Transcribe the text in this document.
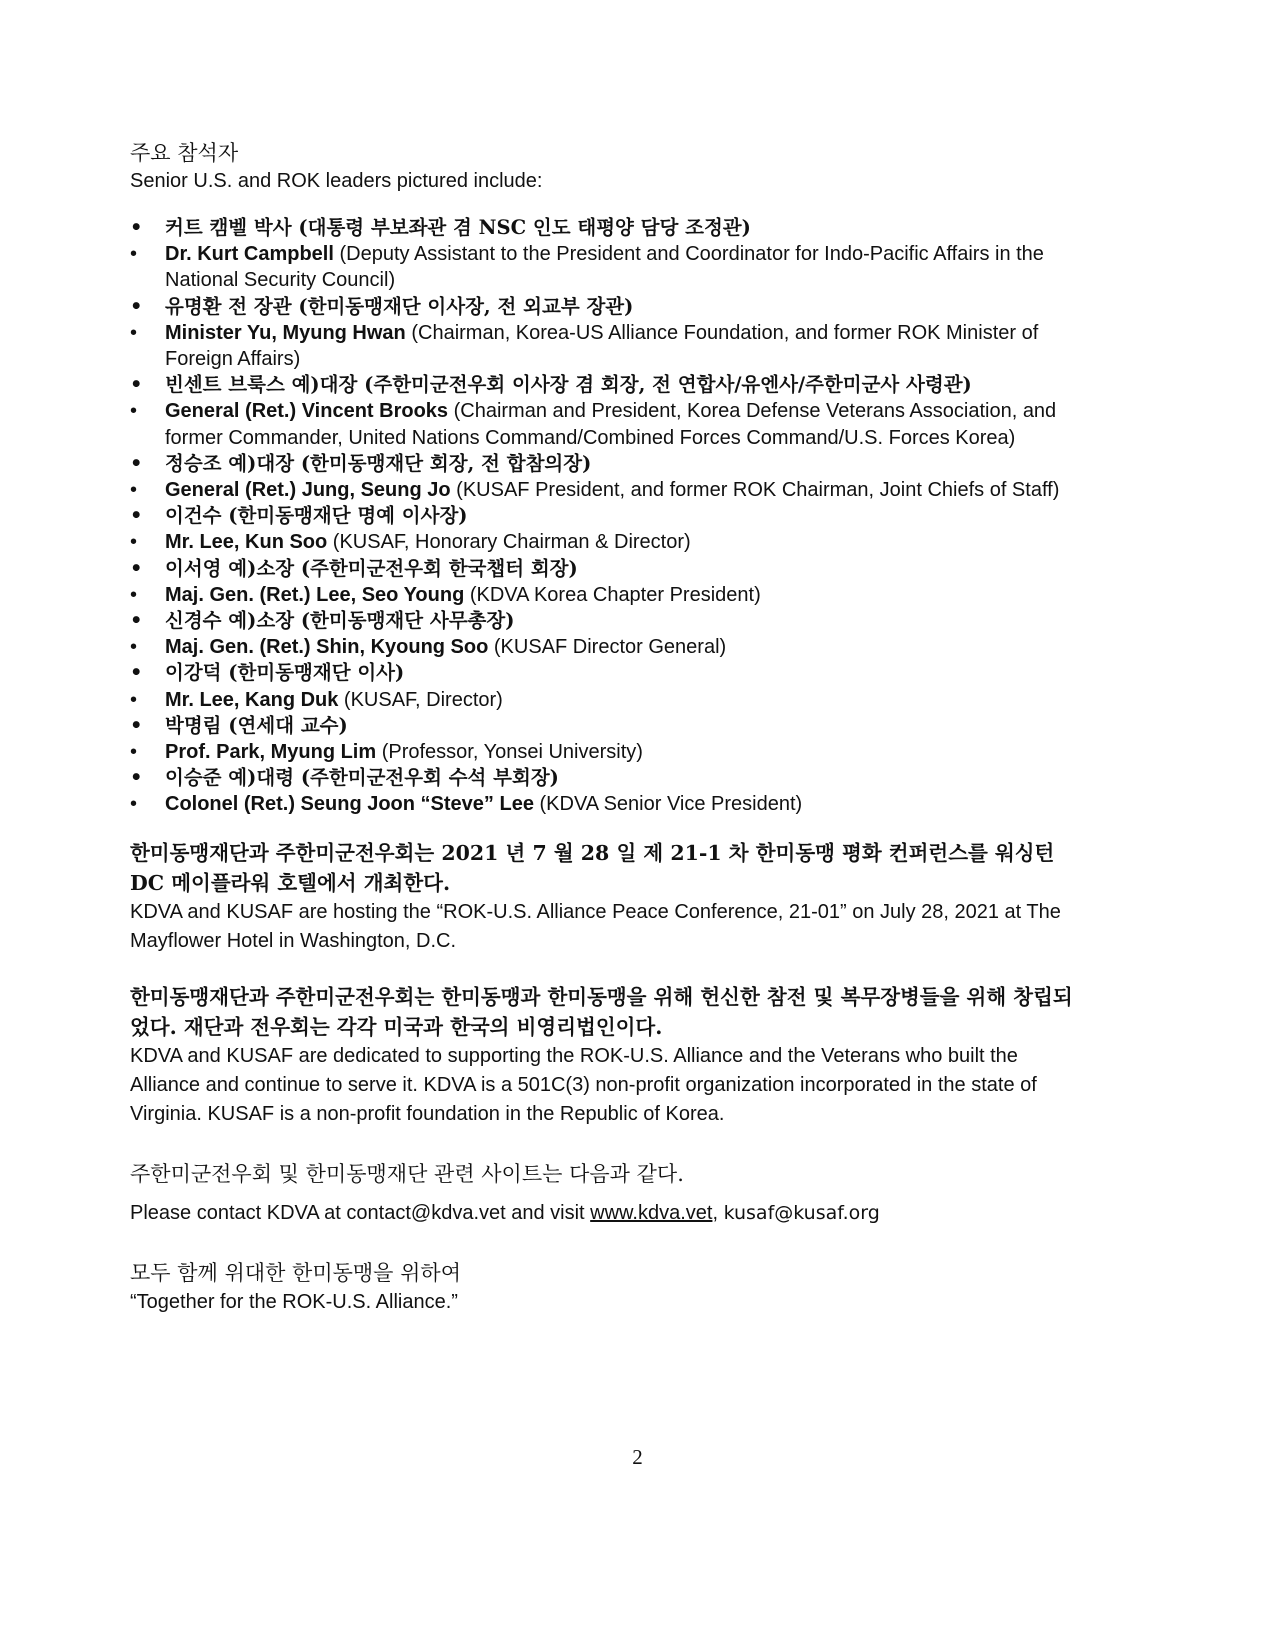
주요 참석자
Senior U.S. and ROK leaders pictured include:
• 커트 캠벨 박사 (대통령 부보좌관 겸 NSC 인도 태평양 담당 조정관)
• Dr. Kurt Campbell (Deputy Assistant to the President and Coordinator for Indo-Pacific Affairs in the National Security Council)
• 유명환 전 장관 (한미동맹재단 이사장, 전 외교부 장관)
• Minister Yu, Myung Hwan (Chairman, Korea-US Alliance Foundation, and former ROK Minister of Foreign Affairs)
• 빈센트 브룩스 예)대장 (주한미군전우회 이사장 겸 회장, 전 연합사/유엔사/주한미군사 사령관)
• General (Ret.) Vincent Brooks (Chairman and President, Korea Defense Veterans Association, and former Commander, United Nations Command/Combined Forces Command/U.S. Forces Korea)
• 정승조 예)대장 (한미동맹재단 회장, 전 합참의장)
• General (Ret.) Jung, Seung Jo (KUSAF President, and former ROK Chairman, Joint Chiefs of Staff)
• 이건수 (한미동맹재단 명예 이사장)
• Mr. Lee, Kun Soo (KUSAF, Honorary Chairman & Director)
• 이서영 예)소장 (주한미군전우회 한국챕터 회장)
• Maj. Gen. (Ret.) Lee, Seo Young (KDVA Korea Chapter President)
• 신경수 예)소장 (한미동맹재단 사무총장)
• Maj. Gen. (Ret.) Shin, Kyoung Soo (KUSAF Director General)
• 이강덕 (한미동맹재단 이사)
• Mr. Lee, Kang Duk (KUSAF, Director)
• 박명림 (연세대 교수)
• Prof. Park, Myung Lim (Professor, Yonsei University)
• 이승준 예)대령 (주한미군전우회 수석 부회장)
• Colonel (Ret.) Seung Joon “Steve” Lee (KDVA Senior Vice President)
한미동맹재단과 주한미군전우회는 2021 년 7 월 28 일 제 21-1 차 한미동맹 평화 컨퍼런스를 워싱턴 DC 메이플라워 호텔에서 개최한다.
KDVA and KUSAF are hosting the “ROK-U.S. Alliance Peace Conference, 21-01” on July 28, 2021 at The Mayflower Hotel in Washington, D.C.
한미동맹재단과 주한미군전우회는 한미동맹과 한미동맹을 위해 헌신한 참전 및 복무장병들을 위해 창립되었다. 재단과 전우회는 각각 미국과 한국의 비영리법인이다.
KDVA and KUSAF are dedicated to supporting the ROK-U.S. Alliance and the Veterans who built the Alliance and continue to serve it. KDVA is a 501C(3) non-profit organization incorporated in the state of Virginia. KUSAF is a non-profit foundation in the Republic of Korea.
주한미군전우회 및 한미동맹재단 관련 사이트는 다음과 같다.
Please contact KDVA at contact@kdva.vet and visit www.kdva.vet, kusaf@kusaf.org
모두 함께 위대한 한미동맹을 위하여
“Together for the ROK-U.S. Alliance.”
2
